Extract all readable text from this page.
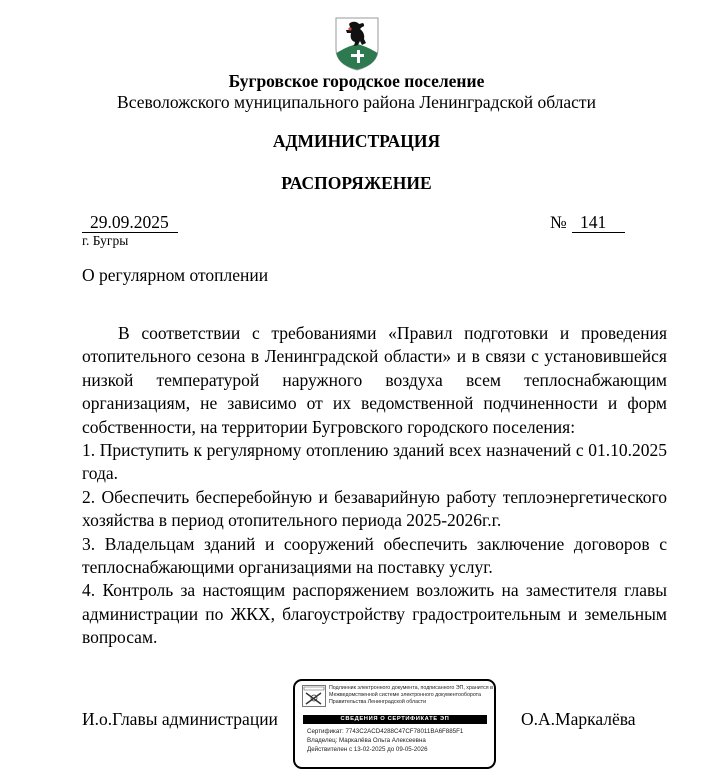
Бугровское городское поселение
Всеволожского муниципального района Ленинградской области
АДМИНИСТРАЦИЯ
РАСПОРЯЖЕНИЕ
29.09.2025
г. Бугры
№ 141
О регулярном отоплении

В соответствии с требованиями «Правил подготовки и проведения отопительного сезона в Ленинградской области» и в связи с установившейся низкой температурой наружного воздуха всем теплоснабжающим организациям, не зависимо от их ведомственной подчиненности и форм собственности, на территории Бугровского городского поселения:

1. Приступить к регулярному отоплению зданий всех назначений с 01.10.2025 года.

2. Обеспечить бесперебойную и безаварийную работу теплоэнергетического хозяйства в период отопительного периода 2025-2026г.г.

3. Владельцам зданий и сооружений обеспечить заключение договоров с теплоснабжающими организациями на поставку услуг.

4. Контроль за настоящим распоряжением возложить на заместителя главы администрации по ЖКХ, благоустройству градостроительным и земельным вопросам.

И.о.Главы администрации	О.А.Маркалёва
Подлинник электронного документа, подписанного ЭП, хранится в Межведомственной системе электронного документооборота Правительства Ленинградской области
СВЕДЕНИЯ О СЕРТИФИКАТЕ ЭП
Сертификат: 7743C2ACD4288C47CF78011BA6F885F1
Владелец: Маркалёва Ольга Алексеевна
Действителен с 13-02-2025 до 09-05-2026
